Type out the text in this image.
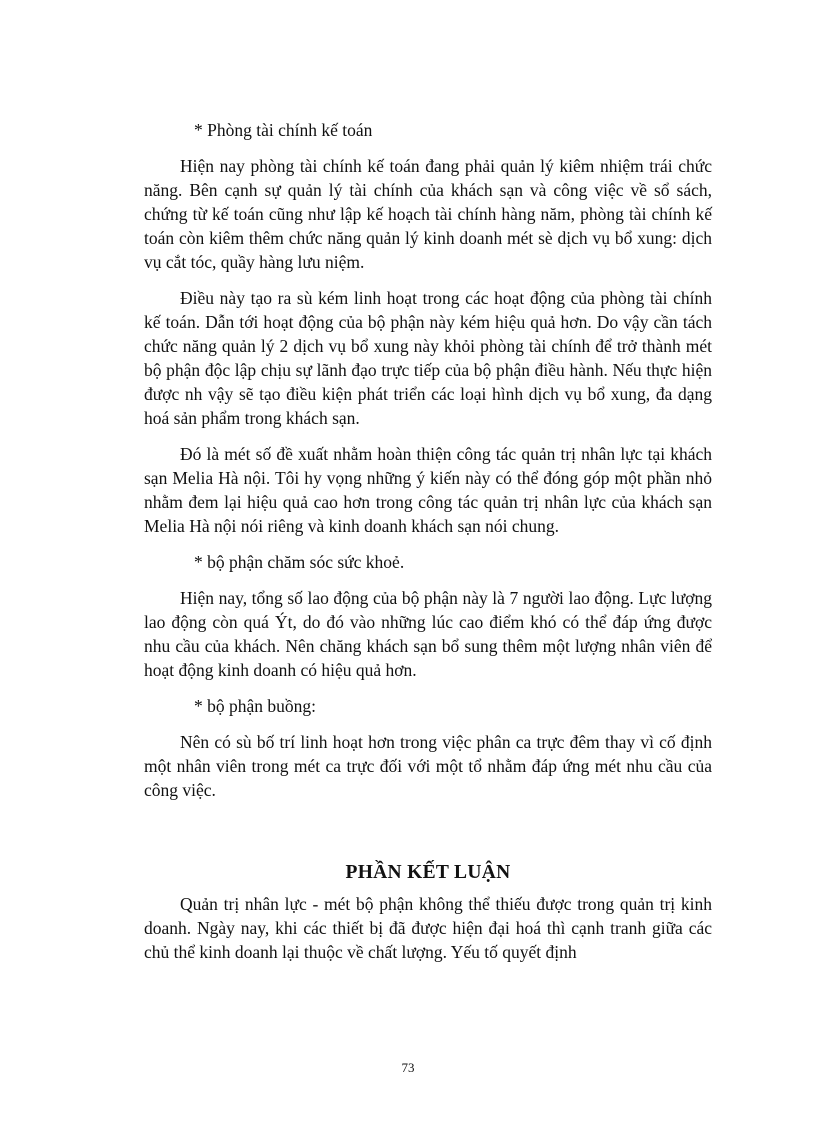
* Phòng tài chính kế toán

Hiện nay phòng tài chính kế toán đang phải quản lý kiêm nhiệm trái chức năng. Bên cạnh sự quản lý tài chính của khách sạn và công việc về sổ sách, chứng từ kế toán cũng như lập kế hoạch tài chính hàng năm, phòng tài chính kế toán còn kiêm thêm chức năng quản lý kinh doanh mét sè dịch vụ bổ xung: dịch vụ cắt tóc, quầy hàng lưu niệm.

Điều này tạo ra sù kém linh hoạt trong các hoạt động của phòng tài chính kế toán. Dẫn tới hoạt động của bộ phận này kém hiệu quả hơn. Do vậy cần tách chức năng quản lý 2 dịch vụ bổ xung này khỏi phòng tài chính để trở thành mét bộ phận độc lập chịu sự lãnh đạo trực tiếp của bộ phận điều hành. Nếu thực hiện được nh vậy sẽ tạo điều kiện phát triển các loại hình dịch vụ bổ xung, đa dạng hoá sản phẩm trong khách sạn.

Đó là mét số đề xuất nhằm hoàn thiện công tác quản trị nhân lực tại khách sạn Melia Hà nội. Tôi hy vọng những ý kiến này có thể đóng góp một phần nhỏ nhằm đem lại hiệu quả cao hơn trong công tác quản trị nhân lực của khách sạn Melia Hà nội nói riêng và kinh doanh khách sạn nói chung.

* bộ phận chăm sóc sức khoẻ.

Hiện nay, tổng số lao động của bộ phận này là 7 người lao động. Lực lượng lao động còn quá Ýt, do đó vào những lúc cao điểm khó có thể đáp ứng được nhu cầu của khách. Nên chăng khách sạn bổ sung thêm một lượng nhân viên để hoạt động kinh doanh có hiệu quả hơn.

* bộ phận buồng:

Nên có sù bố trí linh hoạt hơn trong việc phân ca trực đêm thay vì cố định một nhân viên trong mét ca trực đối với một tổ nhằm đáp ứng mét nhu cầu của công việc.

PHẦN KẾT LUẬN

Quản trị nhân lực - mét bộ phận không thể thiếu được trong quản trị kinh doanh. Ngày nay, khi các thiết bị đã được hiện đại hoá thì cạnh tranh giữa các chủ thể kinh doanh lại thuộc về chất lượng. Yếu tố quyết định

73
